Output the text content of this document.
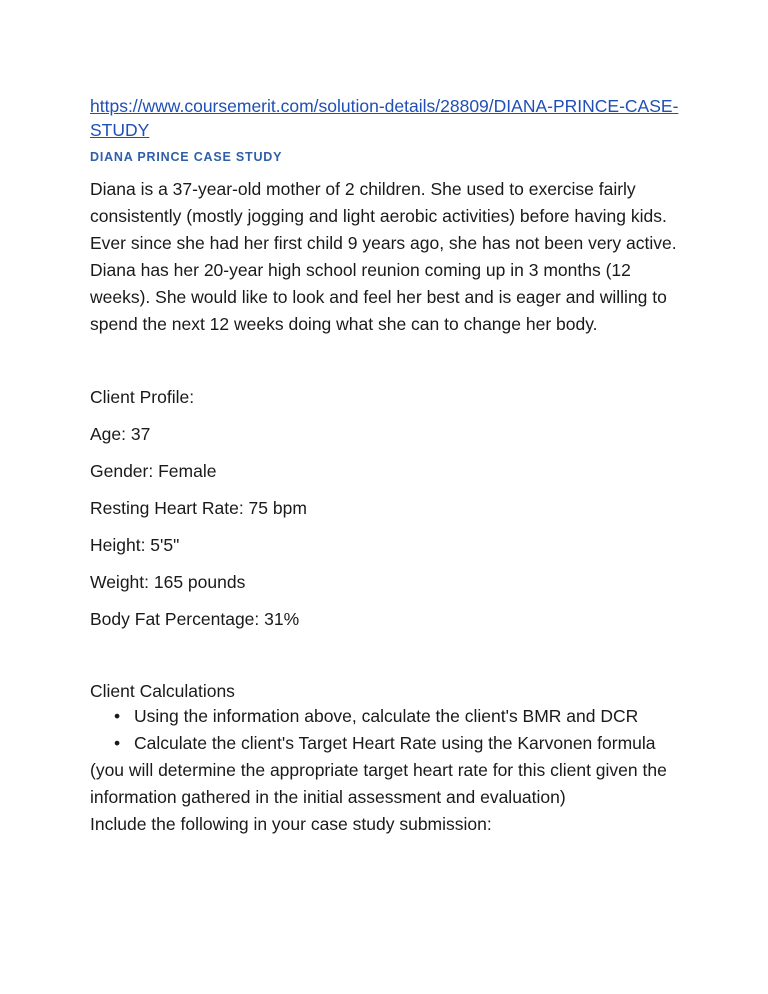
https://www.coursemerit.com/solution-details/28809/DIANA-PRINCE-CASE-STUDY
DIANA PRINCE CASE STUDY

Diana is a 37-year-old mother of 2 children. She used to exercise fairly consistently (mostly jogging and light aerobic activities) before having kids. Ever since she had her first child 9 years ago, she has not been very active. Diana has her 20-year high school reunion coming up in 3 months (12 weeks). She would like to look and feel her best and is eager and willing to spend the next 12 weeks doing what she can to change her body.

Client Profile:
Age: 37
Gender: Female
Resting Heart Rate: 75 bpm
Height: 5'5"
Weight: 165 pounds
Body Fat Percentage: 31%
Client Calculations
• Using the information above, calculate the client's BMR and DCR
• Calculate the client's Target Heart Rate using the Karvonen formula (you will determine the appropriate target heart rate for this client given the information gathered in the initial assessment and evaluation)

Include the following in your case study submission:
